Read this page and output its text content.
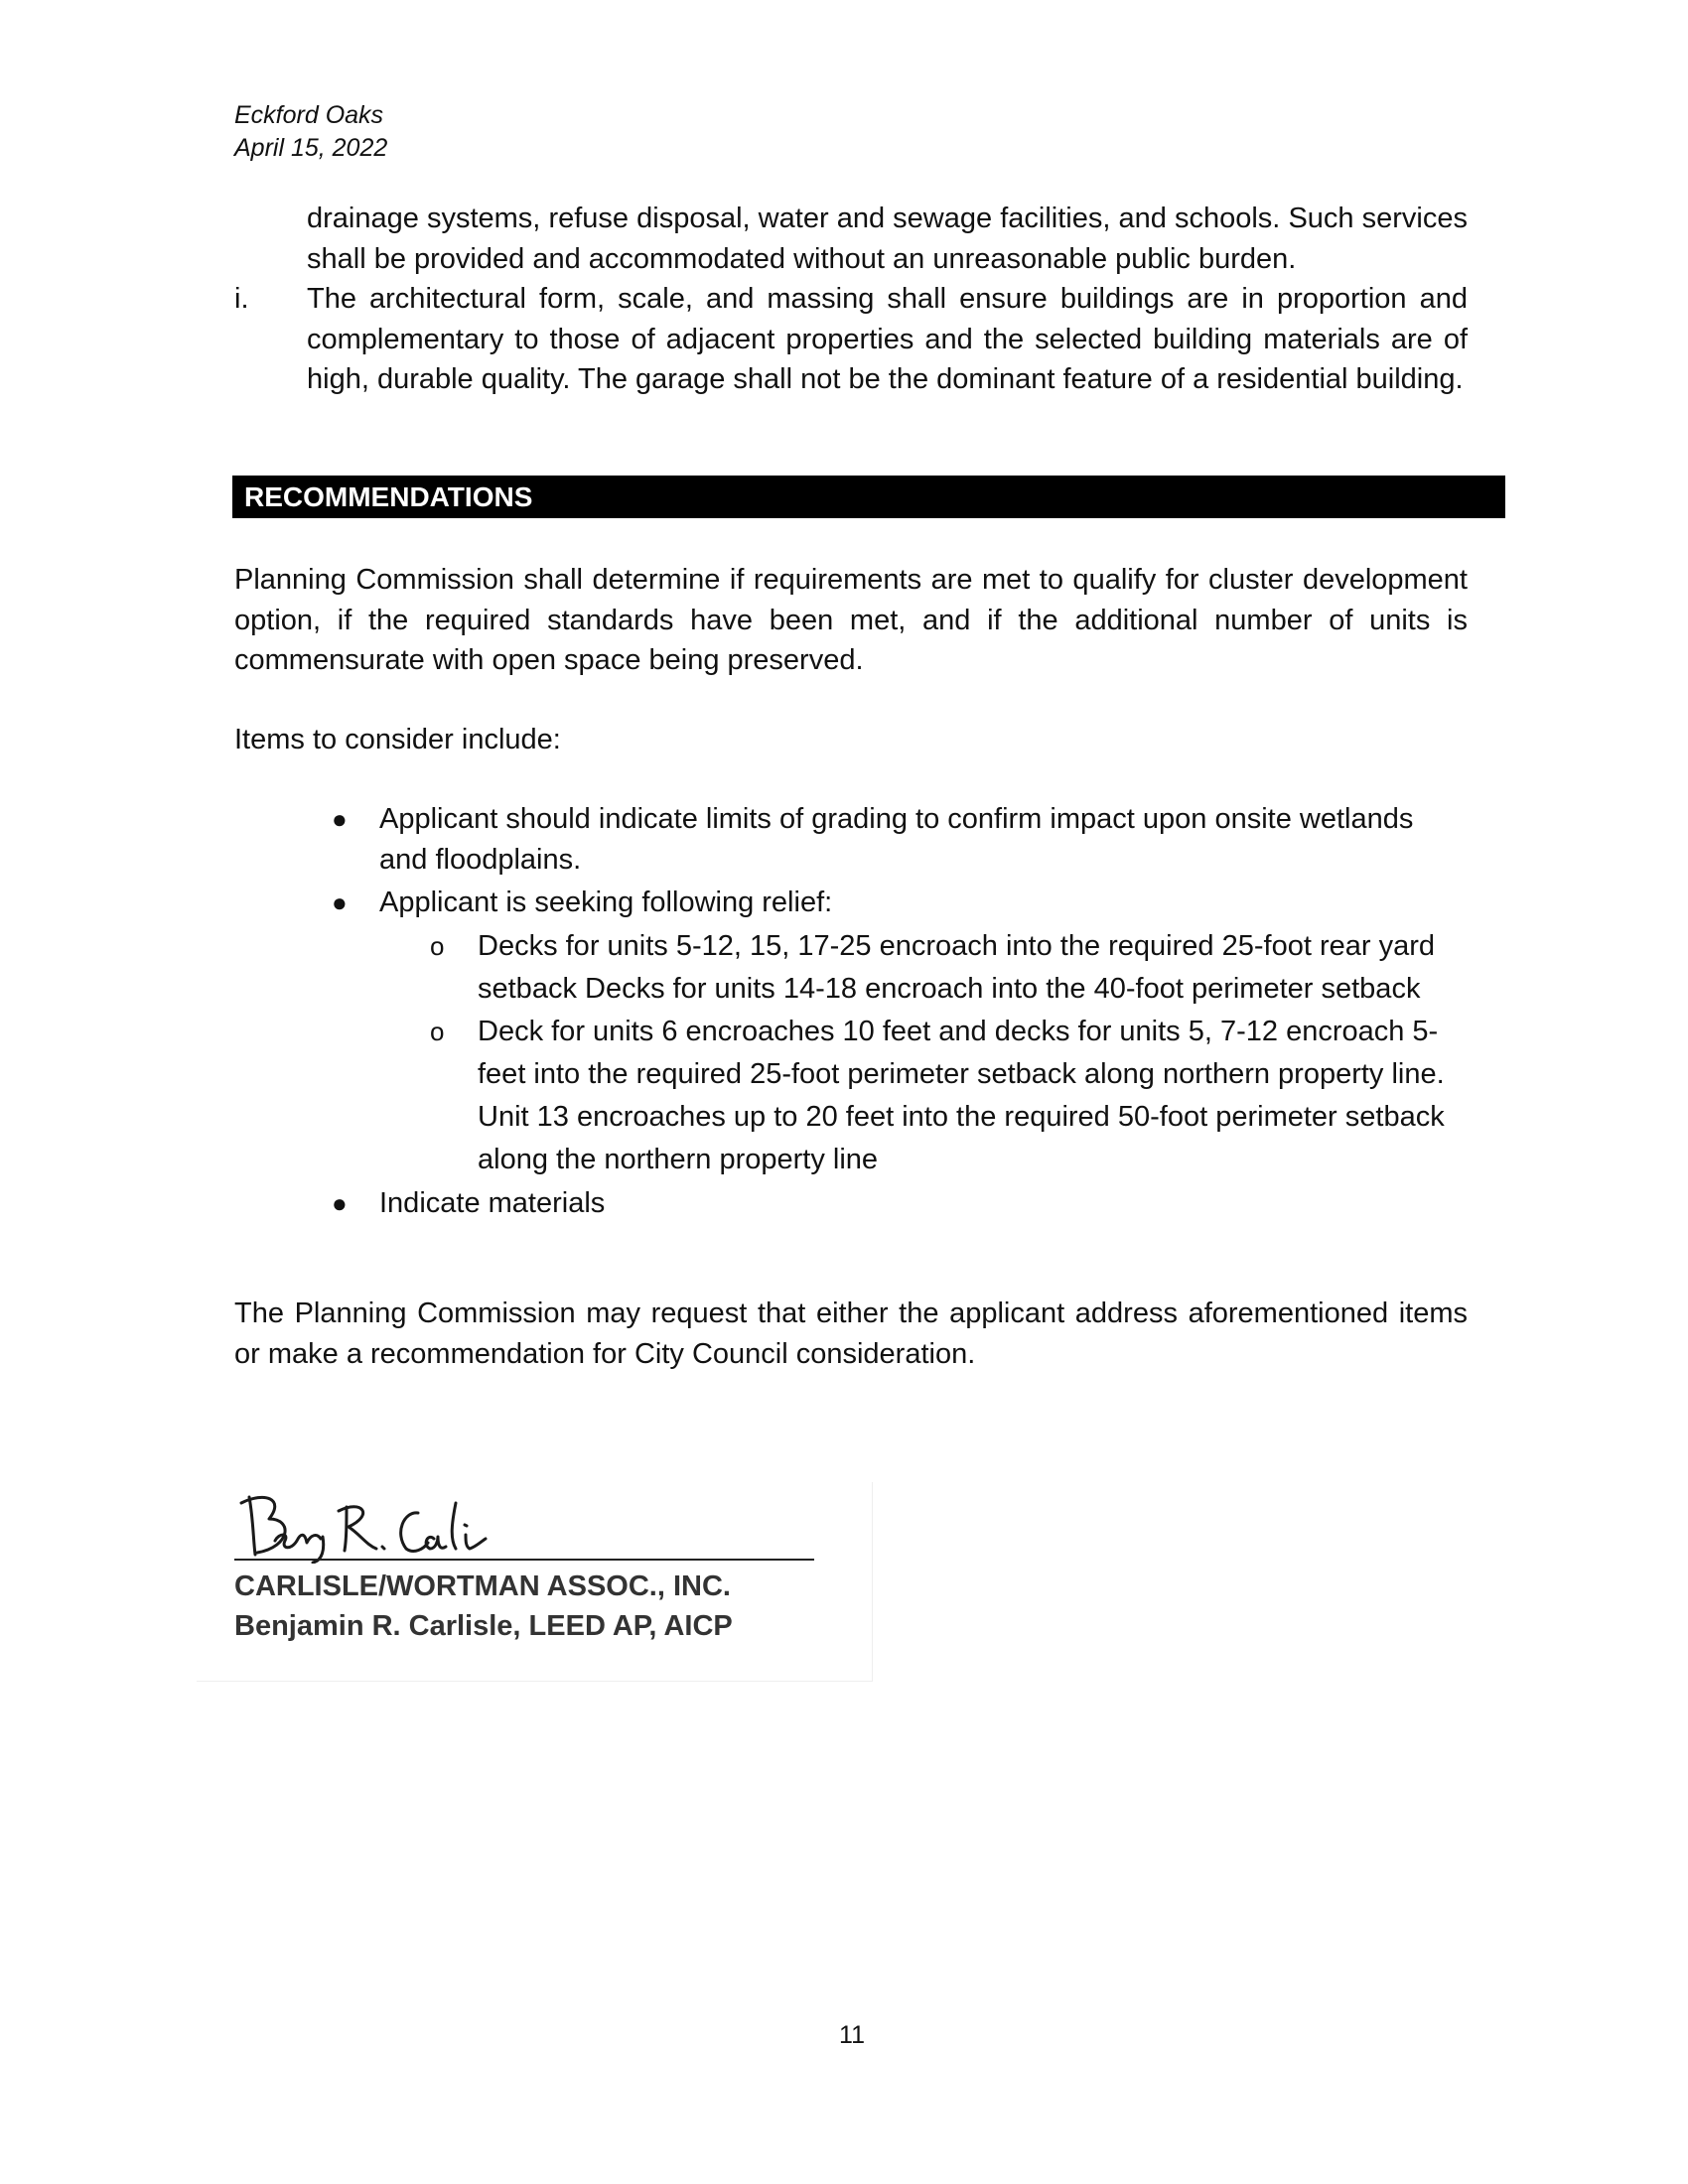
Eckford Oaks
April 15, 2022
drainage systems, refuse disposal, water and sewage facilities, and schools. Such services shall be provided and accommodated without an unreasonable public burden.
i. The architectural form, scale, and massing shall ensure buildings are in proportion and complementary to those of adjacent properties and the selected building materials are of high, durable quality. The garage shall not be the dominant feature of a residential building.
RECOMMENDATIONS
Planning Commission shall determine if requirements are met to qualify for cluster development option, if the required standards have been met, and if the additional number of units is commensurate with open space being preserved.
Items to consider include:
● Applicant should indicate limits of grading to confirm impact upon onsite wetlands and floodplains.
● Applicant is seeking following relief:
o Decks for units 5-12, 15, 17-25 encroach into the required 25-foot rear yard setback Decks for units 14-18 encroach into the 40-foot perimeter setback
o Deck for units 6 encroaches 10 feet and decks for units 5, 7-12 encroach 5-feet into the required 25-foot perimeter setback along northern property line. Unit 13 encroaches up to 20 feet into the required 50-foot perimeter setback along the northern property line
● Indicate materials
The Planning Commission may request that either the applicant address aforementioned items or make a recommendation for City Council consideration.
CARLISLE/WORTMAN ASSOC., INC.
Benjamin R. Carlisle, LEED AP, AICP
11
